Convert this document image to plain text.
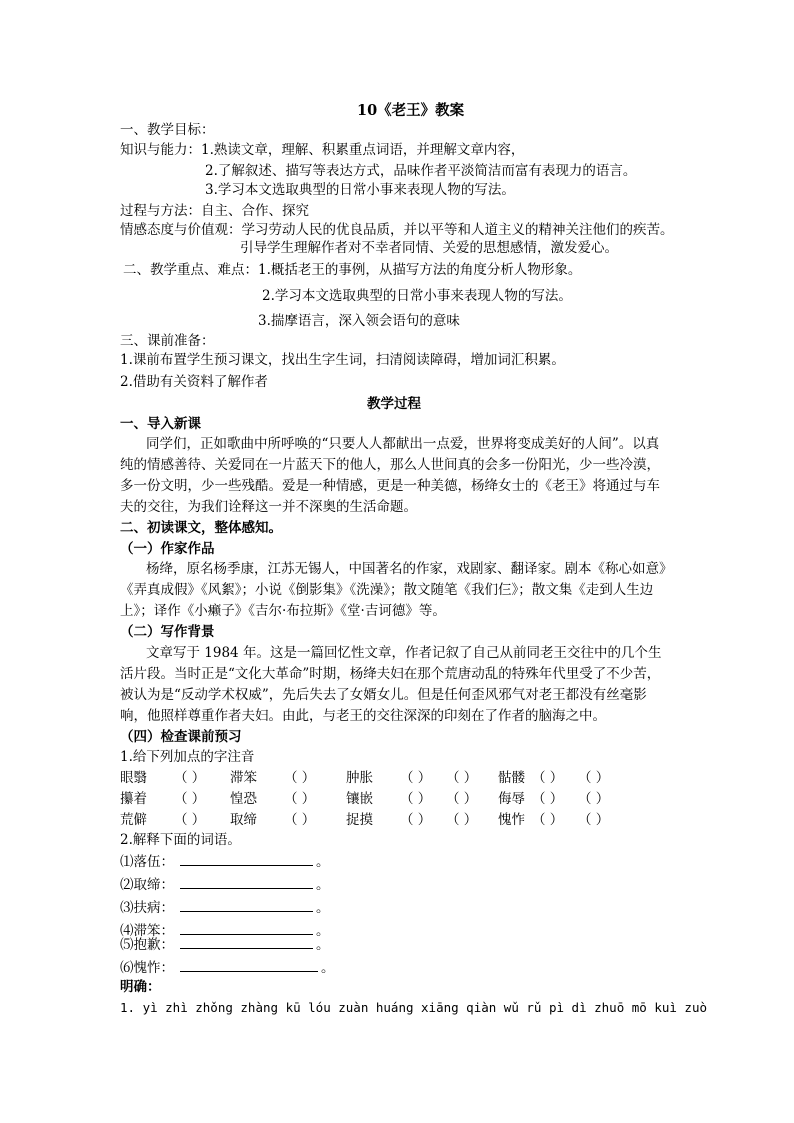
10《老王》教案
一、教学目标：
知识与能力：1.熟读文章，理解、积累重点词语，并理解文章内容，
2.了解叙述、描写等表达方式，品味作者平淡简洁而富有表现力的语言。
3.学习本文选取典型的日常小事来表现人物的写法。
过程与方法：自主、合作、探究
情感态度与价值观：学习劳动人民的优良品质，并以平等和人道主义的精神关注他们的疾苦。
引导学生理解作者对不幸者同情、关爱的思想感情，激发爱心。
二、教学重点、难点：1.概括老王的事例，从描写方法的角度分析人物形象。
2.学习本文选取典型的日常小事来表现人物的写法。
3.揣摩语言，深入领会语句的意味
三、课前准备：
1.课前布置学生预习课文，找出生字生词，扫清阅读障碍，增加词汇积累。
2.借助有关资料了解作者
教学过程
一、导入新课
同学们，正如歌曲中所呼唤的“只要人人都献出一点爱，世界将变成美好的人间”。以真
纯的情感善待、关爱同在一片蓝天下的他人，那么人世间真的会多一份阳光，少一些冷漠，
多一份文明，少一些残酷。爱是一种情感，更是一种美德，杨绛女士的《老王》将通过与车
夫的交往，为我们诠释这一并不深奥的生活命题。
二、初读课文，整体感知。
（一）作家作品
杨绛，原名杨季康，江苏无锡人，中国著名的作家，戏剧家、翻译家。剧本《称心如意》
《弄真成假》《风絮》；小说《倒影集》《洗澡》；散文随笔《我们仨》；散文集《走到人生边
上》；译作《小癞子》《吉尔·布拉斯》《堂·吉诃德》等。
（二）写作背景
文章写于 1984 年。这是一篇回忆性文章，作者记叙了自己从前同老王交往中的几个生
活片段。当时正是“文化大革命”时期，杨绛夫妇在那个荒唐动乱的特殊年代里受了不少苦，
被认为是“反动学术权威”，先后失去了女婿女儿。但是任何歪风邪气对老王都没有丝毫影
响，他照样尊重作者夫妇。由此，与老王的交往深深的印刻在了作者的脑海之中。
（四）检查课前预习
1.给下列加点的字注音
眼翳 （ ） 滞笨 （ ） 肿胀 （ ） （ ） 骷髅 （ ） （ ）
攥着 （ ） 惶恐 （ ） 镶嵌 （ ） （ ） 侮辱 （ ） （ ）
荒僻 （ ） 取缔 （ ） 捉摸 （ ） （ ） 愧怍 （ ） （ ）
2.解释下面的词语。
⑴落伍：	。
⑵取缔：	。
⑶扶病：	。
⑷滞笨：	。
⑸抱歉：	。
⑹愧怍：	。
明确：
1. yì zhì zhǒng zhàng kū lóu zuàn huáng xiāng qiàn wǔ rǔ pì dì zhuō mō kuì zuò
